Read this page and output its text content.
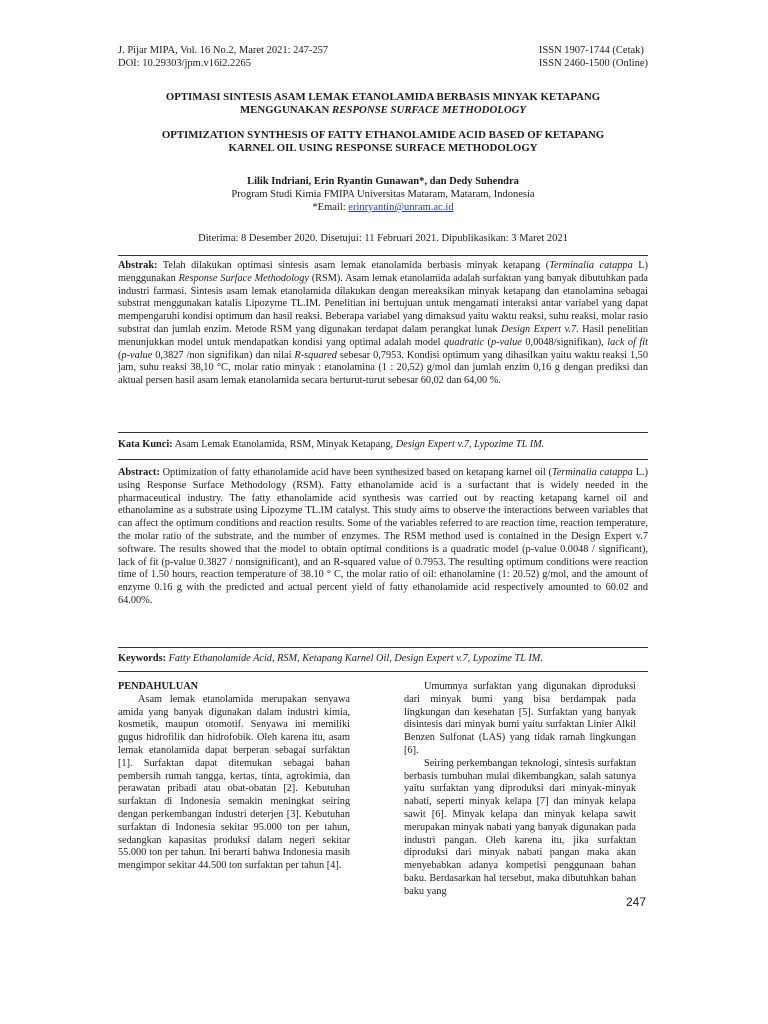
J. Pijar MIPA, Vol. 16 No.2, Maret 2021: 247-257
DOI: 10.29303/jpm.v16i2.2265
ISSN 1907-1744 (Cetak)
ISSN 2460-1500 (Online)
OPTIMASI SINTESIS ASAM LEMAK ETANOLAMIDA BERBASIS MINYAK KETAPANG
MENGGUNAKAN RESPONSE SURFACE METHODOLOGY
OPTIMIZATION SYNTHESIS OF FATTY ETHANOLAMIDE ACID BASED OF KETAPANG
KARNEL OIL USING RESPONSE SURFACE METHODOLOGY
Lilik Indriani, Erin Ryantin Gunawan*, dan Dedy Suhendra
Program Studi Kimia FMIPA Universitas Mataram, Mataram, Indonesia
*Email: erinryantin@unram.ac.id
Diterima: 8 Desember 2020. Disetujui: 11 Februari 2021. Dipublikasikan: 3 Maret 2021

Abstrak: Telah dilakukan optimasi sintesis asam lemak etanolamida berbasis minyak ketapang (Terminalia catappa L) menggunakan Response Surface Methodology (RSM). Asam lemak etanolamida adalah surfaktan yang banyak dibutuhkan pada industri farmasi. Sintesis asam lemak etanolamida dilakukan dengan mereaksikan minyak ketapang dan etanolamina sebagai substrat menggunakan katalis Lipozyme TL.IM. Penelitian ini bertujuan untuk mengamati interaksi antar variabel yang dapat mempengaruhi kondisi optimum dan hasil reaksi. Beberapa variabel yang dimaksud yaitu waktu reaksi, suhu reaksi, molar rasio substrat dan jumlah enzim. Metode RSM yang digunakan terdapat dalam perangkat lunak Design Expert v.7. Hasil penelitian menunjukkan model untuk mendapatkan kondisi yang optimal adalah model quadratic (p-value 0,0048/signifikan), lack of fit (p-value 0,3827 /non signifikan) dan nilai R-squared sebesar 0,7953. Kondisi optimum yang dihasilkan yaitu waktu reaksi 1,50 jam, suhu reaksi 38,10 °C, molar ratio minyak : etanolamina (1 : 20,52) g/mol dan jumlah enzim 0,16 g dengan prediksi dan aktual persen hasil asam lemak etanolamida secara berturut-turut sebesar 60,02 dan 64,00 %.

Kata Kunci: Asam Lemak Etanolamida, RSM, Minyak Ketapang, Design Expert v.7, Lypozime TL IM.

Abstract: Optimization of fatty ethanolamide acid have been synthesized based on ketapang karnel oil (Terminalia catappa L.) using Response Surface Methodology (RSM). Fatty ethanolamide acid is a surfactant that is widely needed in the pharmaceutical industry. The fatty ethanolamide acid synthesis was carried out by reacting ketapang karnel oil and ethanolamine as a substrate using Lipozyme TL.IM catalyst. This study aims to observe the interactions between variables that can affect the optimum conditions and reaction results. Some of the variables referred to are reaction time, reaction temperature, the molar ratio of the substrate, and the number of enzymes. The RSM method used is contained in the Design Expert v.7 software. The results showed that the model to obtain optimal conditions is a quadratic model (p-value 0.0048 / significant), lack of fit (p-value 0.3827 / nonsignificant), and an R-squared value of 0.7953. The resulting optimum conditions were reaction time of 1.50 hours, reaction temperature of 38.10 ° C, the molar ratio of oil: ethanolamine (1: 20.52) g/mol, and the amount of enzyme 0.16 g with the predicted and actual percent yield of fatty ethanolamide acid respectively amounted to 60.02 and 64.00%.

Keywords: Fatty Ethanolamide Acid, RSM, Ketapang Karnel Oil, Design Expert v.7, Lypozime TL IM.

PENDAHULUAN

Asam lemak etanolamida merupakan senyawa amida yang banyak digunakan dalam industri kimia, kosmetik, maupun otomotif. Senyawa ini memiliki gugus hidrofilik dan hidrofobik. Oleh karena itu, asam lemak etanolamida dapat berperan sebagai surfaktan [1]. Surfaktan dapat ditemukan sebagai bahan pembersih rumah tangga, kertas, tinta, agrokimia, dan perawatan pribadi atau obat-obatan [2]. Kebutuhan surfaktan di Indonesia semakin meningkat seiring dengan perkembangan industri deterjen [3]. Kebutuhan surfaktan di Indonesia sekitar 95.000 ton per tahun, sedangkan kapasitas produksi dalam negeri sekitar 55.000 ton per tahun. Ini berarti bahwa Indonesia masih mengimpor sekitar 44.500 ton surfaktan per tahun [4].

Umumnya surfaktan yang digunakan diproduksi dari minyak bumi yang bisa berdampak pada lingkungan dan kesehatan [5]. Surfaktan yang banyak disintesis dari minyak bumi yaitu surfaktan Linier Alkil Benzen Sulfonat (LAS) yang tidak ramah lingkungan [6].

Seiring perkembangan teknologi, sintesis surfaktan berbasis tumbuhan mulai dikembangkan, salah satunya yaitu surfaktan yang diproduksi dari minyak-minyak nabati, seperti minyak kelapa [7] dan minyak kelapa sawit [6]. Minyak kelapa dan minyak kelapa sawit merupakan minyak nabati yang banyak digunakan pada industri pangan. Oleh karena itu, jika surfaktan diproduksi dari minyak nabati pangan maka akan menyebabkan adanya kompetisi penggunaan bahan baku. Berdasarkan hal tersebut, maka dibutuhkan bahan baku yang

247
